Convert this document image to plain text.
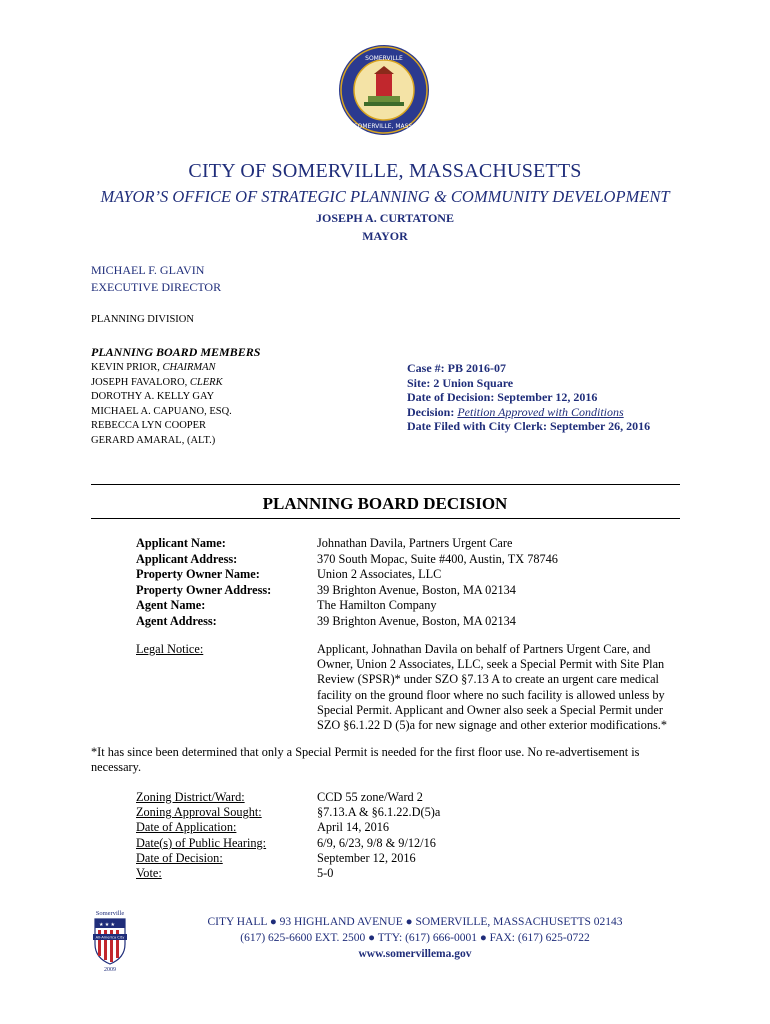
SOMERVILLE
SOMERVILLE, MASS.
CITY OF SOMERVILLE, MASSACHUSETTS
MAYOR’S OFFICE OF STRATEGIC PLANNING & COMMUNITY DEVELOPMENT
JOSEPH A. CURTATONE
MAYOR
MICHAEL F. GLAVIN
EXECUTIVE DIRECTOR
PLANNING DIVISION
PLANNING BOARD MEMBERS
KEVIN PRIOR, CHAIRMAN
JOSEPH FAVALORO, CLERK
DOROTHY A. KELLY GAY
MICHAEL A. CAPUANO, ESQ.
REBECCA LYN COOPER
GERARD AMARAL, (ALT.)
Case #: PB 2016-07
Site: 2 Union Square
Date of Decision: September 12, 2016
Decision: Petition Approved with Conditions
Date Filed with City Clerk: September 26, 2016
PLANNING BOARD DECISION
Applicant Name:
Applicant Address:
Property Owner Name:
Property Owner Address:
Agent Name:
Agent Address:
Johnathan Davila, Partners Urgent Care
370 South Mopac, Suite #400, Austin, TX 78746
Union 2 Associates, LLC
39 Brighton Avenue, Boston, MA 02134
The Hamilton Company
39 Brighton Avenue, Boston, MA 02134
Legal Notice:	Applicant, Johnathan Davila on behalf of Partners Urgent Care, and
Owner, Union 2 Associates, LLC, seek a Special Permit with Site Plan
Review (SPSR)* under SZO §7.13 A to create an urgent care medical
facility on the ground floor where no such facility is allowed unless by
Special Permit. Applicant and Owner also seek a Special Permit under
SZO §6.1.22 D (5)a for new signage and other exterior modifications.*
*It has since been determined that only a Special Permit is needed for the first floor use. No re-advertisement is
necessary.
Zoning District/Ward:
Zoning Approval Sought:
Date of Application:
Date(s) of Public Hearing:
Date of Decision:
Vote:
CCD 55 zone/Ward 2
§7.13.A & §6.1.22.D(5)a
April 14, 2016
6/9, 6/23, 9/8 & 9/12/16
September 12, 2016
5-0
Somerville
★ ★ ★
All-America City
2009
CITY HALL ● 93 HIGHLAND AVENUE ● SOMERVILLE, MASSACHUSETTS 02143
(617) 625-6600 EXT. 2500 ● TTY: (617) 666-0001 ● FAX: (617) 625-0722
www.somervillema.gov
